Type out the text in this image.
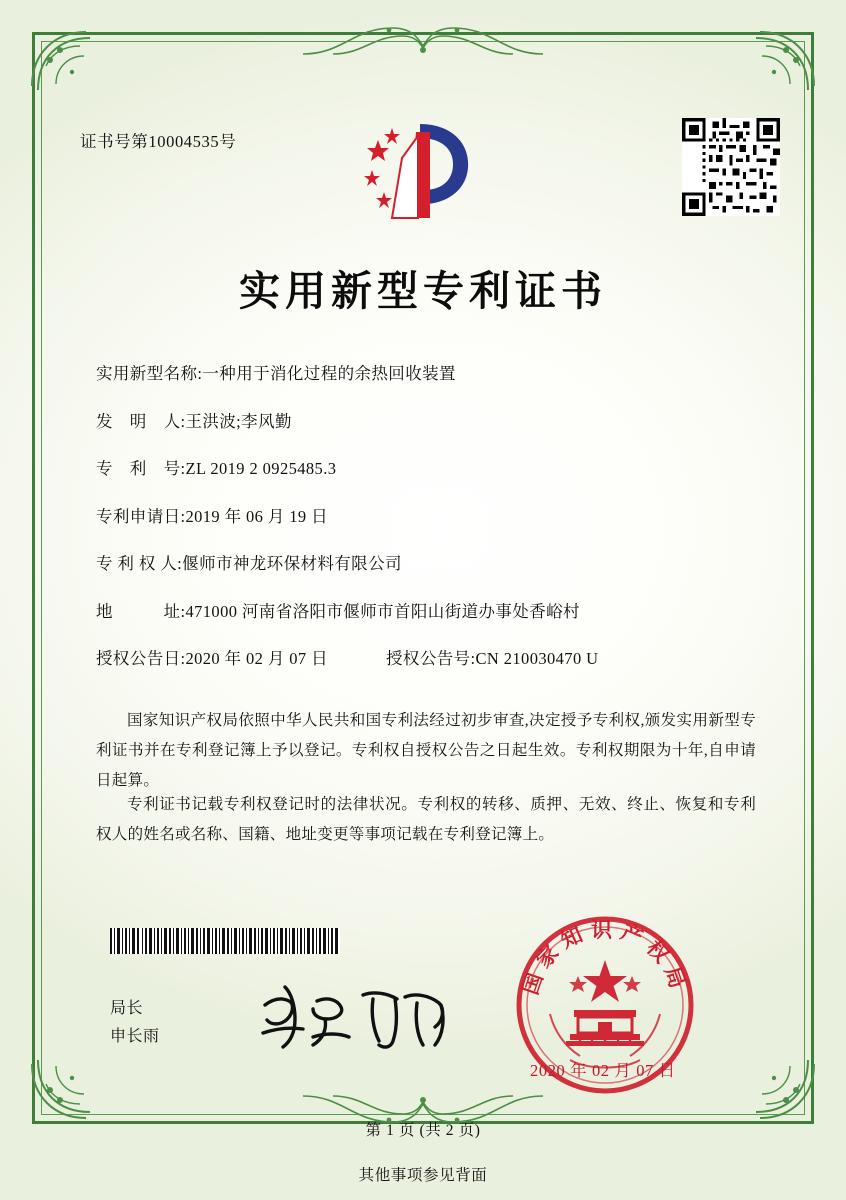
证书号第10004535号
实用新型专利证书
实用新型名称: 一种用于消化过程的余热回收装置
发　明　人: 王洪波;李风勤
专　利　号: ZL 2019 2 0925485.3
专利申请日: 2019 年 06 月 19 日
专 利 权 人: 偃师市神龙环保材料有限公司
地　　　址: 471000 河南省洛阳市偃师市首阳山街道办事处香峪村
授权公告日: 2020 年 02 月 07 日	授权公告号: CN 210030470 U

国家知识产权局依照中华人民共和国专利法经过初步审查,决定授予专利权,颁发实用新型专利证书并在专利登记簿上予以登记。专利权自授权公告之日起生效。专利权期限为十年,自申请日起算。

专利证书记载专利权登记时的法律状况。专利权的转移、质押、无效、终止、恢复和专利权人的姓名或名称、国籍、地址变更等事项记载在专利登记簿上。

局长
申长雨
国家知识产权局
2020 年 02 月 07 日
第 1 页 (共 2 页)
其他事项参见背面
